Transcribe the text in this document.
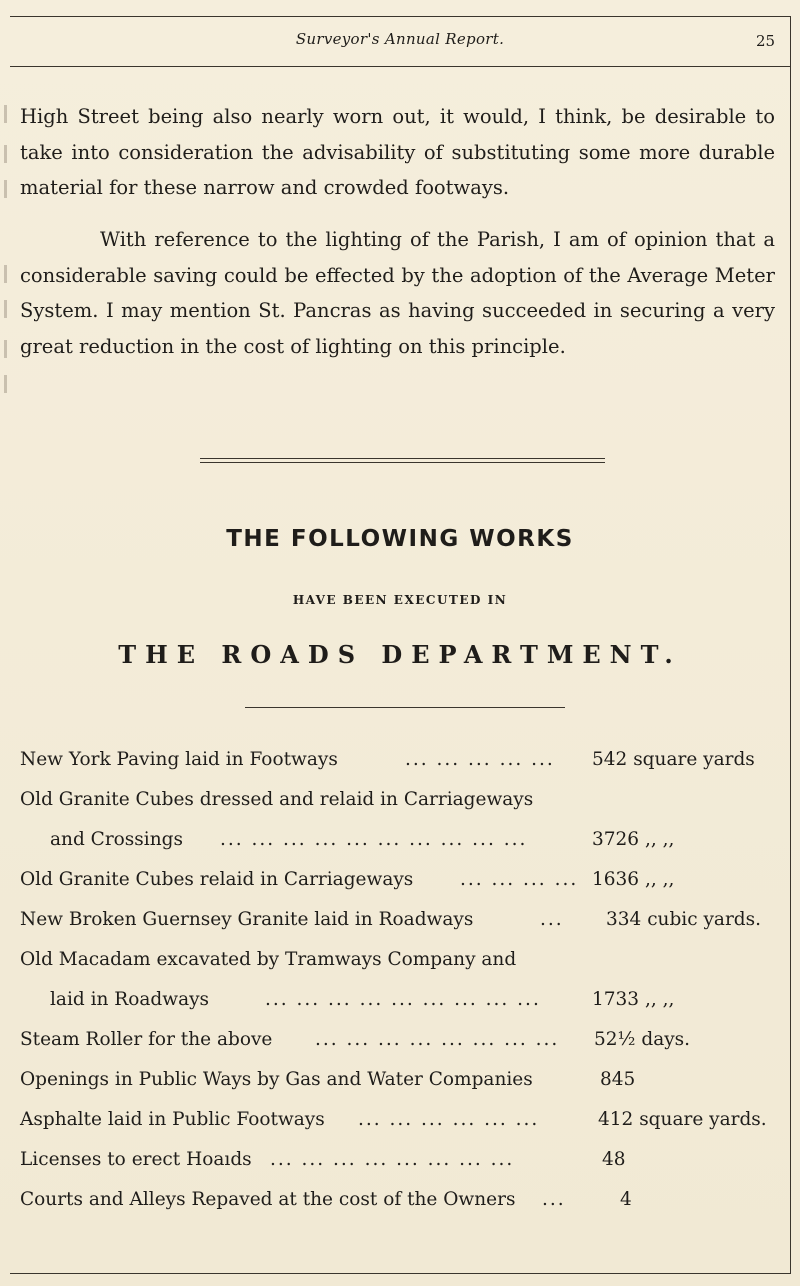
Surveyor's Annual Report.	25

High Street being also nearly worn out, it would, I think, be desirable to take into consideration the advisability of substituting some more durable material for these narrow and crowded footways.

With reference to the lighting of the Parish, I am of opinion that a considerable saving could be effected by the adoption of the Average Meter System. I may mention St. Pancras as having succeeded in securing a very great reduction in the cost of lighting on this principle.

THE FOLLOWING WORKS
HAVE BEEN EXECUTED IN
THE ROADS DEPARTMENT.
New York Paving laid in Footways	... ... ... ... ... 542 square yards
Old Granite Cubes dressed and relaid in Carriageways
and Crossings ... ... ... ... ... ... ... ... ... ...	3726 ,, ,,
Old Granite Cubes relaid in Carriageways	... ... ... ... 1636 ,, ,,
New Broken Guernsey Granite laid in Roadways	... 334 cubic yards.
Old Macadam excavated by Tramways Company and
laid in Roadways	... ... ... ... ... ... ... ... ...	1733 ,, ,,
Steam Roller for the above ... ... ... ... ... ... ... ... 52½ days.
Openings in Public Ways by Gas and Water Companies	845
Asphalte laid in Public Footways ... ... ... ... ... ...	412 square yards.
Licenses to erect Hoaıds ... ... ... ... ... ... ... ...	48
Courts and Alleys Repaved at the cost of the Owners ...	4
